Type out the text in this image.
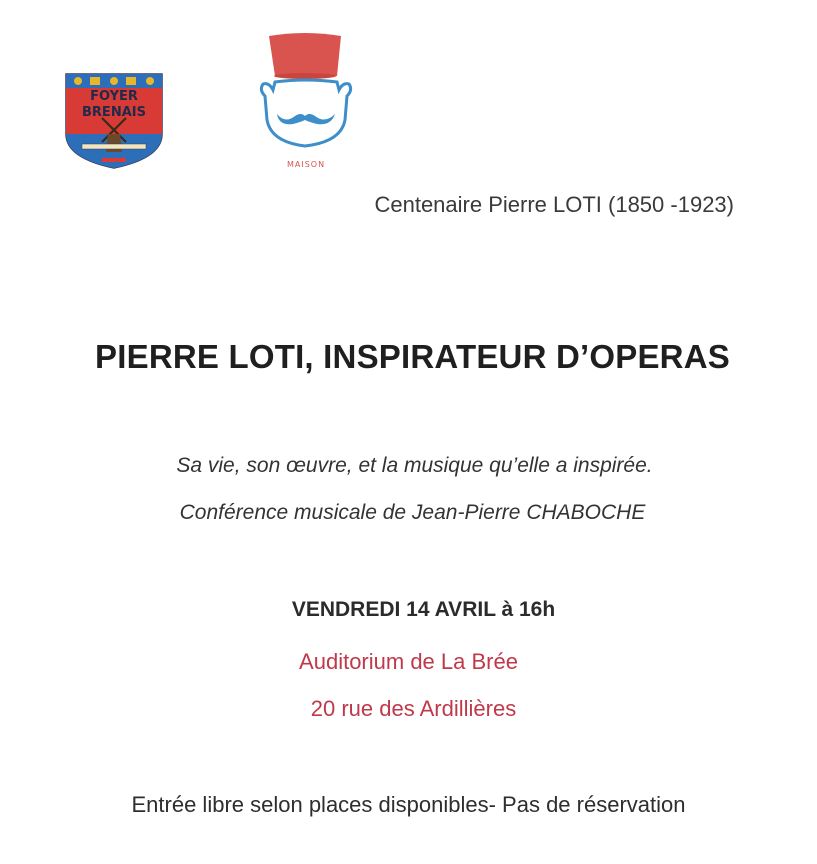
FOYER
BRENAIS
MAISON
Centenaire Pierre LOTI (1850 -1923)
PIERRE LOTI, INSPIRATEUR D’OPERAS
Sa vie, son œuvre, et la musique qu’elle a inspirée.
Conférence musicale de Jean-Pierre CHABOCHE
VENDREDI 14 AVRIL à 16h
Auditorium de La Brée
20 rue des Ardillières
Entrée libre selon places disponibles- Pas de réservation
